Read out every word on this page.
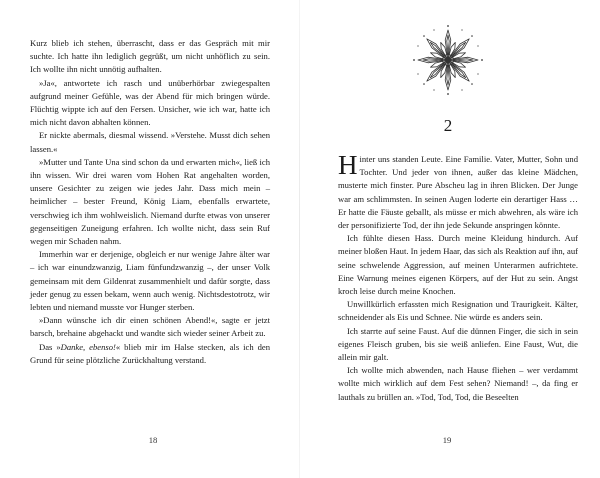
Kurz blieb ich stehen, überrascht, dass er das Gespräch mit mir suchte. Ich hatte ihn lediglich gegrüßt, um nicht unhöflich zu sein. Ich wollte ihn nicht unnötig aufhalten.

»Ja«, antwortete ich rasch und unüberhörbar zwiegespalten aufgrund meiner Gefühle, was der Abend für mich bringen würde. Flüchtig wippte ich auf den Fersen. Unsicher, wie ich war, hatte ich mich nicht davon abhalten können.

Er nickte abermals, diesmal wissend. »Verstehe. Musst dich sehen lassen.«

»Mutter und Tante Una sind schon da und erwarten mich«, ließ ich ihn wissen. Wir drei waren vom Hohen Rat angehalten worden, unsere Gesichter zu zeigen wie jedes Jahr. Dass mich mein – heimlicher – bester Freund, König Liam, ebenfalls erwartete, verschwieg ich ihm wohlweislich. Niemand durfte etwas von unserer gegenseitigen Zuneigung erfahren. Ich wollte nicht, dass sein Ruf wegen mir Schaden nahm.

Immerhin war er derjenige, obgleich er nur wenige Jahre älter war – ich war einundzwanzig, Liam fünfundzwanzig –, der unser Volk gemeinsam mit dem Gildenrat zusammenhielt und dafür sorgte, dass jeder genug zu essen bekam, wenn auch wenig. Nichtsdestotrotz, wir lebten und niemand musste vor Hunger sterben.

»Dann wünsche ich dir einen schönen Abend!«, sagte er jetzt barsch, brehaine abgehackt und wandte sich wieder seiner Arbeit zu.

Das »Danke, ebenso!« blieb mir im Halse stecken, als ich den Grund für seine plötzliche Zurückhaltung verstand.

18
2

Hinter uns standen Leute. Eine Familie. Vater, Mutter, Sohn und Tochter. Und jeder von ihnen, außer das kleine Mädchen, musterte mich finster. Pure Abscheu lag in ihren Blicken. Der Junge war am schlimmsten. In seinen Augen loderte ein derartiger Hass … Er hatte die Fäuste geballt, als müsse er mich abwehren, als wäre ich der personifizierte Tod, der ihn jede Sekunde anspringen könnte.

Ich fühlte diesen Hass. Durch meine Kleidung hindurch. Auf meiner bloßen Haut. In jedem Haar, das sich als Reaktion auf ihn, auf seine schwelende Aggression, auf meinen Unterarmen aufrichtete. Eine Warnung meines eigenen Körpers, auf der Hut zu sein. Angst kroch leise durch meine Knochen.

Unwillkürlich erfassten mich Resignation und Traurigkeit. Kälter, schneidender als Eis und Schnee. Nie würde es anders sein.

Ich starrte auf seine Faust. Auf die dünnen Finger, die sich in sein eigenes Fleisch gruben, bis sie weiß anliefen. Eine Faust, Wut, die allein mir galt.

Ich wollte mich abwenden, nach Hause fliehen – wer verdammt wollte mich wirklich auf dem Fest sehen? Niemand! –, da fing er lauthals zu brüllen an. »Tod, Tod, Tod, die Beseelten

19
